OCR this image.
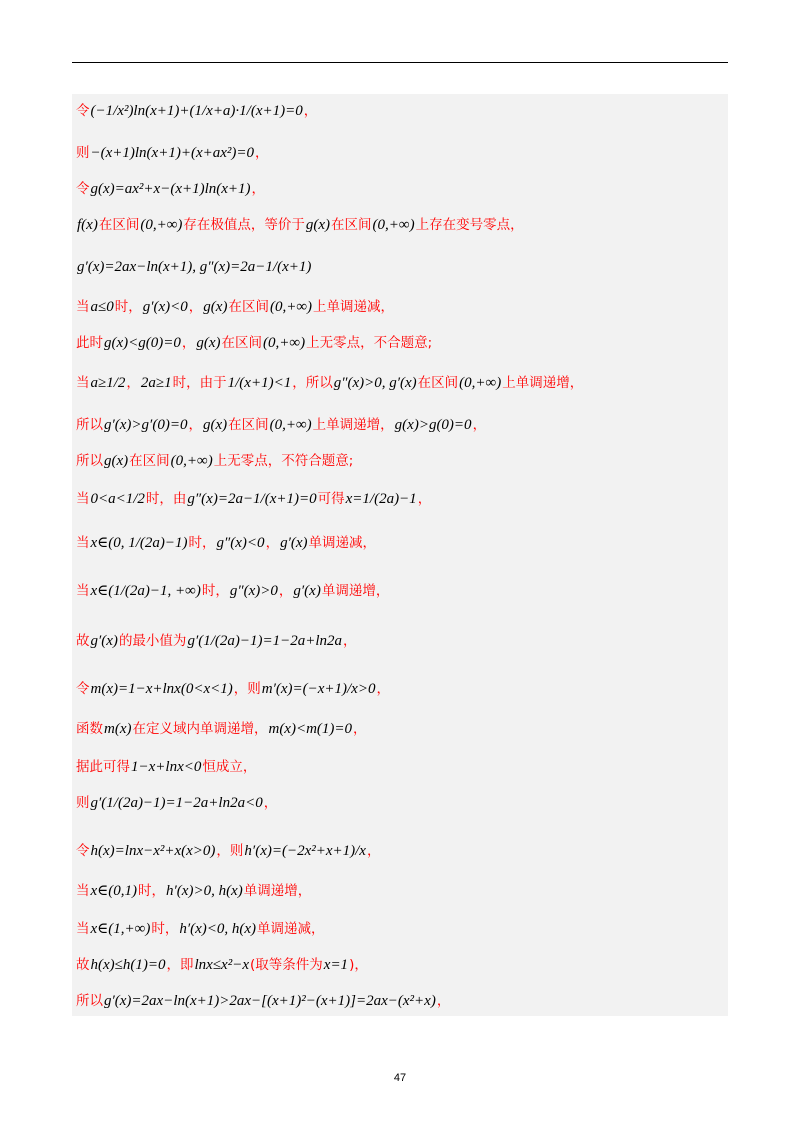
令 (−1/x²)ln(x+1)+(1/x+a)·1/(x+1)=0 ，
则 −(x+1)ln(x+1)+(x+ax²)=0 ，
令 g(x)=ax²+x−(x+1)ln(x+1) ，
f(x) 在区间 (0,+∞) 存在极值点，等价于 g(x) 在区间 (0,+∞) 上存在变号零点，
g′(x)=2ax−ln(x+1), g″(x)=2a−1/(x+1)
当 a≤0 时， g′(x)<0 ， g(x) 在区间 (0,+∞) 上单调递减，
此时 g(x)<g(0)=0 ， g(x) 在区间 (0,+∞) 上无零点，不合题意;
当 a≥1/2 ， 2a≥1 时，由于 1/(x+1)<1 ，所以 g″(x)>0, g′(x) 在区间 (0,+∞) 上单调递增，
所以 g′(x)>g′(0)=0 ， g(x) 在区间 (0,+∞) 上单调递增， g(x)>g(0)=0 ，
所以 g(x) 在区间 (0,+∞) 上无零点，不符合题意;
当 0<a<1/2 时，由 g″(x)=2a−1/(x+1)=0 可得 x=1/(2a)−1 ，
当 x∈(0, 1/(2a)−1) 时， g″(x)<0 ， g′(x) 单调递减，
当 x∈(1/(2a)−1, +∞) 时， g″(x)>0 ， g′(x) 单调递增，
故 g′(x) 的最小值为 g′(1/(2a)−1)=1−2a+ln2a ，
令 m(x)=1−x+lnx(0<x<1) ，则 m′(x)=(−x+1)/x>0 ，
函数 m(x) 在定义域内单调递增， m(x)<m(1)=0 ，
据此可得 1−x+lnx<0 恒成立，
则 g′(1/(2a)−1)=1−2a+ln2a<0 ，
令 h(x)=lnx−x²+x(x>0) ，则 h′(x)=(−2x²+x+1)/x ，
当 x∈(0,1) 时， h′(x)>0, h(x) 单调递增，
当 x∈(1,+∞) 时， h′(x)<0, h(x) 单调递减，
故 h(x)≤h(1)=0 ，即 lnx≤x²−x (取等条件为 x=1 )，
所以 g′(x)=2ax−ln(x+1)>2ax−[(x+1)²−(x+1)]=2ax−(x²+x) ，
47
